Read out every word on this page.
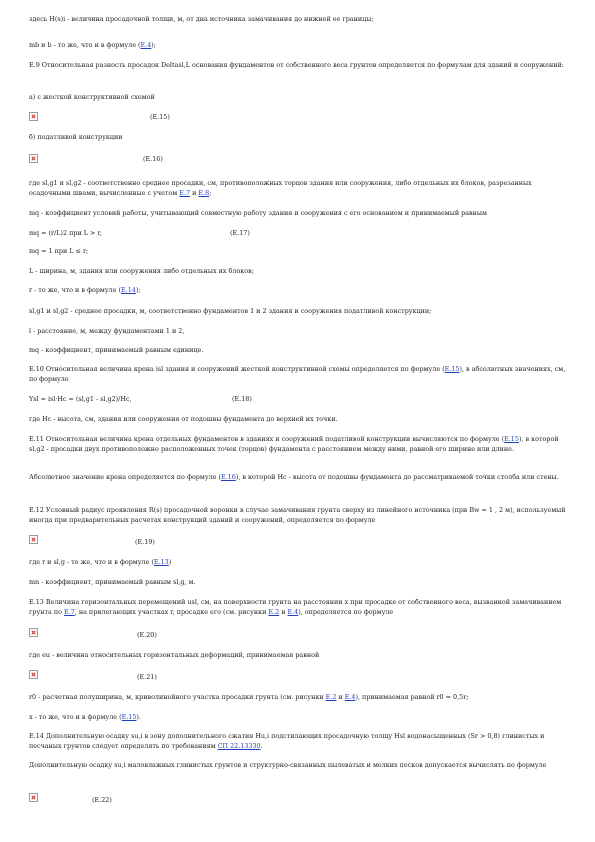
здесь H(s)i - величина просадочной толщи, м, от дна источника замачивания до нижней ее границы;
mb и b - то же, что и в формуле (Е.4);
Е.9 Относительная разность просадок Deltasl,L основания фундаментов от собственного веса грунтов определяется по формулам для зданий и сооружений:
а) с жесткой конструктивной схемой
(Е.15)
б) податливой конструкции
(Е.16)
где sl,g1 и sl,g2 - соответственно среднее просадки, см, противоположных торцов здания или сооружения, либо отдельных их блоков, разрезанных осадочными швами, вычисленные с учетом Е.7 и Е.8;
mq - коэффициент условий работы, учитывающий совместную работу здания и сооружения с его основанием и принимаемый равным
mq = (r/L)2 при L > r,	(Е.17)
mq = 1 при L ≤ r;
L - ширина, м, здания или сооружения либо отдельных их блоков;
r - то же, что и в формуле (Е.14);
sl,g1 и sl,g2 - среднее просадки, м, соответственно фундаментов 1 и 2 здания и сооружения податливой конструкции;
l - расстояние, м, между фундаментами 1 и 2,
mq - коэффициент, принимаемый равным единице.
Е.10 Относительная величина крена isl здания и сооружений жесткой конструктивной схемы определяется по формуле (Е.15), в абсолютных значениях, см, по формуле
Ysl = isl·Hc = (sl,g1 - sl,g2)/Hc,	(Е.18)
где Hc - высота, см, здания или сооружения от подошвы фундамента до верхней их точки.
Е.11 Относительная величина крена отдельных фундаментов в зданиях и сооружений податливой конструкции вычисляются по формуле (Е.15), в которой sl,g2 - просадки двух противоположно расположенных точек (торцов) фундамента с расстоянием между ними, равной его ширине или длине.
Абсолютное значение крена определяется по формуле (Е.16), в которой Hc - высота от подошвы фундамента до рассматриваемой точки столба или стены.
Е.12 Условный радиус проявления R(s) просадочной воронки в случае замачивания грунта сверху из линейного источника (при Bw = 1 , 2 м), используемый иногда при предварительных расчетах конструкций зданий и сооружений, определяется по формуле
(Е.19)
где r и sl,g - то же, что и в формуле (Е.13)
mn - коэффициент, принимаемый равным sl,g, м.
Е.13 Величина горизонтальных перемещений usl, см, на поверхности грунта на расстоянии x при просадке от собственного веса, вызванной замачиванием грунта по Е.7, на прилегающих участках r, просадке его (см. рисунки Е.2 и Е.4), определяется по формуле
(Е.20)
где eu - величина относительных горизонтальных деформаций, принимаемая равной
(Е.21)
r0 - расчетная полуширина, м, криволинейного участка просадки грунта (см. рисунки Е.2 и Е.4), принимаемая равной r0 = 0,5r;
x - то же, что и в формуле (Е.15).
Е.14 Дополнительную осадку su,i в зону дополнительного сжатия Hu,i подстилающих просадочную толщу Hsl водонасыщенных (Sr > 0,8) глинистых и песчаных грунтов следует определять по требованиям СП 22.13330.
Дополнительную осадку su,i маловлажных глинистых грунтов и структурно-связанных пылеватых и мелких песков допускается вычислять по формуле
(Е.22)
